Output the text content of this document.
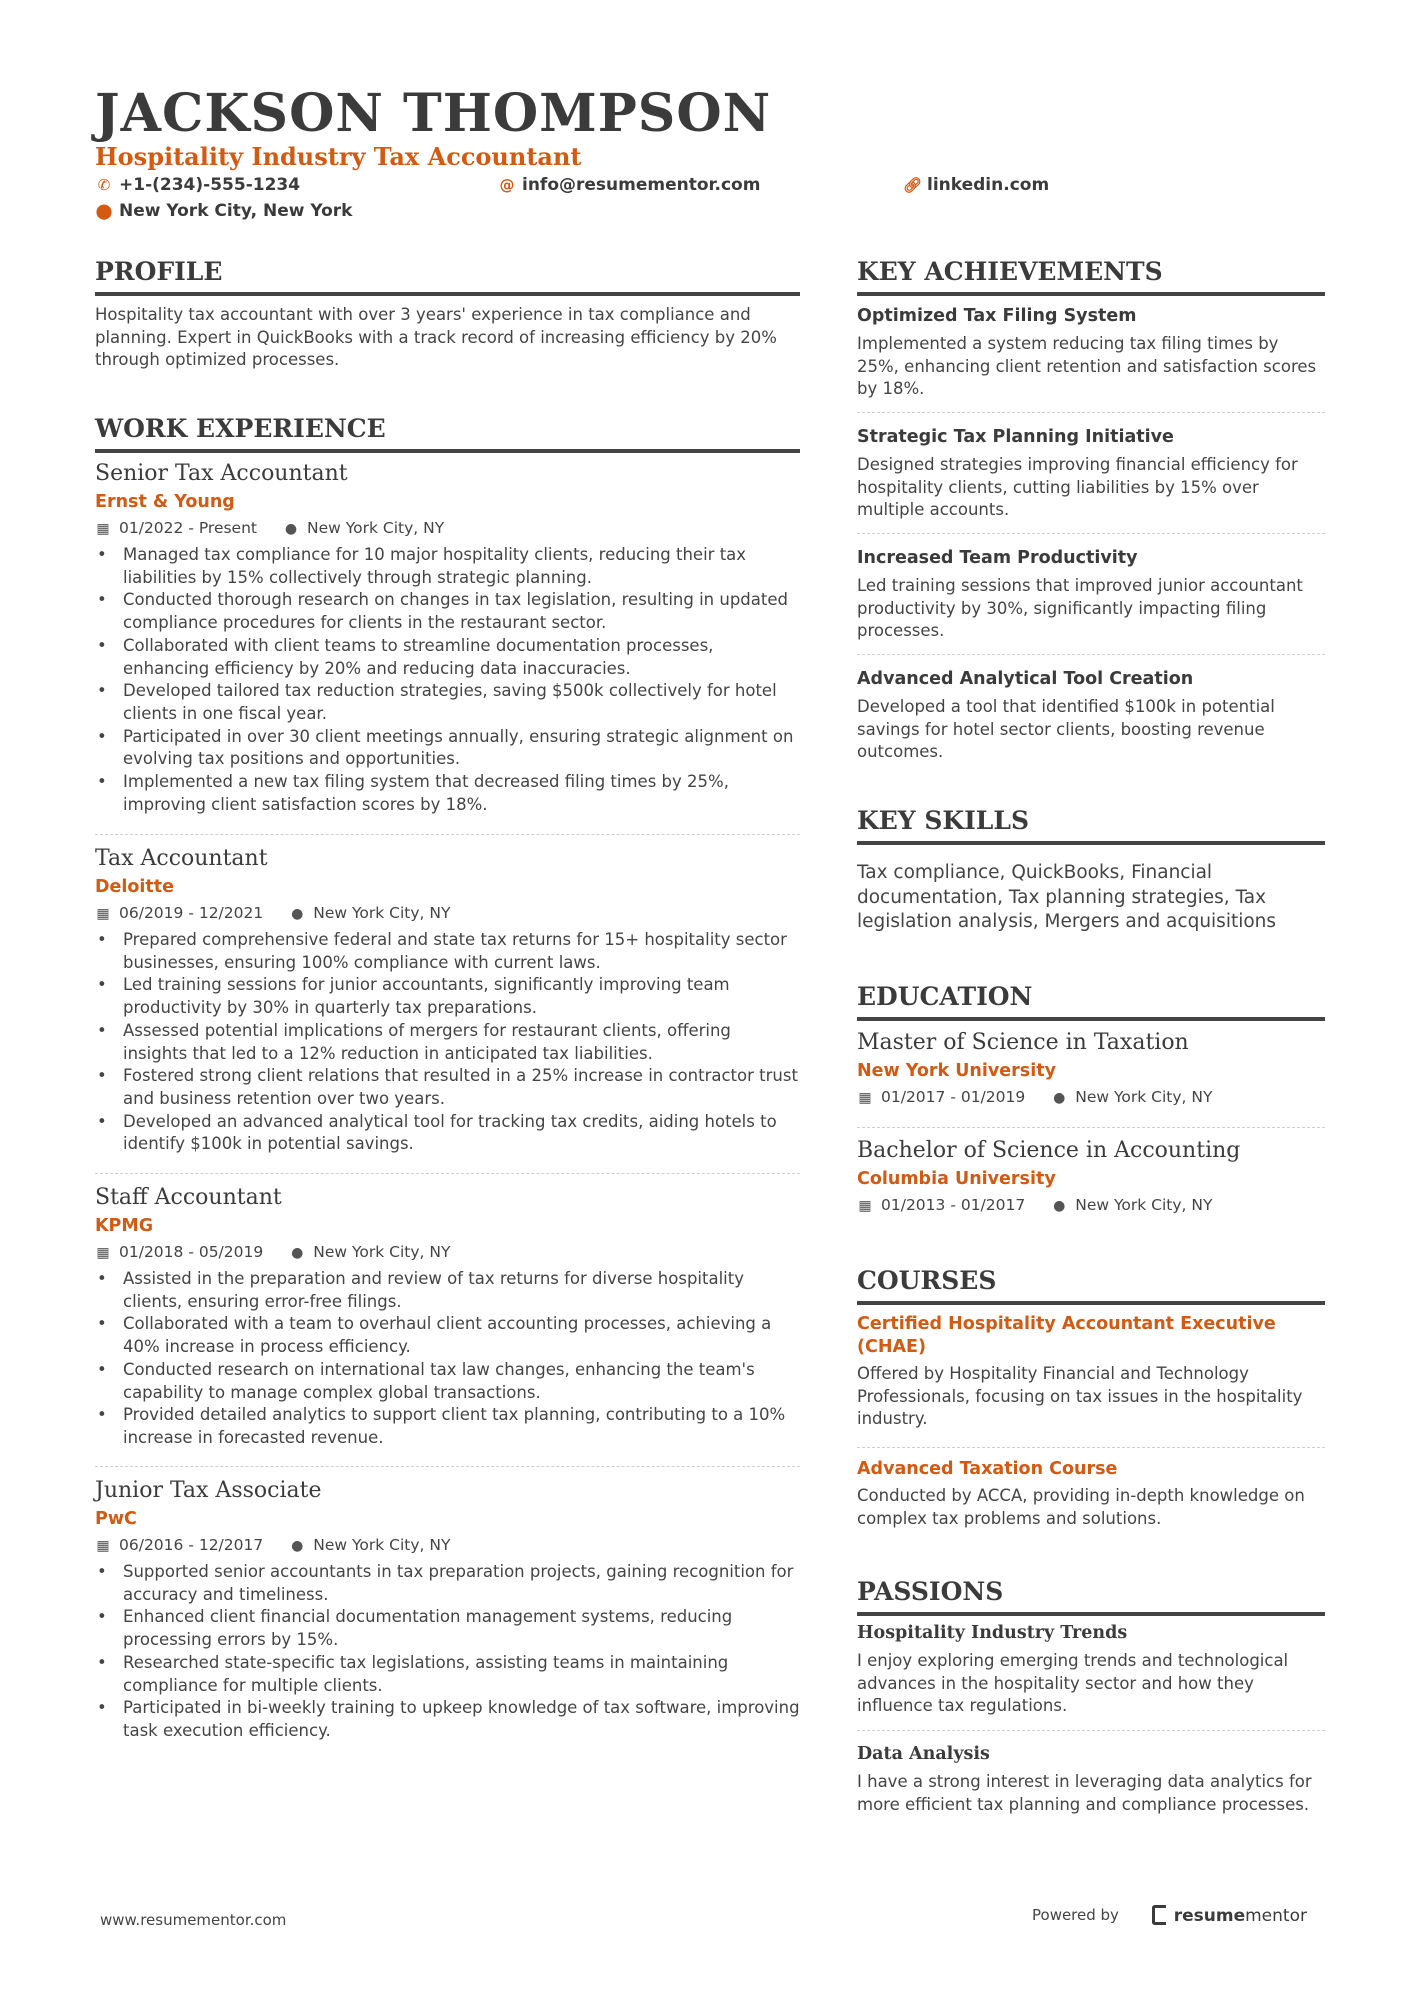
JACKSON THOMPSON
Hospitality Industry Tax Accountant
✆ +1-(234)-555-1234	@ info@resumementor.com	🔗︎ linkedin.com
⬤ New York City, New York
PROFILE

Hospitality tax accountant with over 3 years' experience in tax compliance and planning. Expert in QuickBooks with a track record of increasing efficiency by 20% through optimized processes.

WORK EXPERIENCE

Senior Tax Accountant

Ernst & Young

▦ 01/2022 - Present ● New York City, NY

• Managed tax compliance for 10 major hospitality clients, reducing their tax liabilities by 15% collectively through strategic planning.
• Conducted thorough research on changes in tax legislation, resulting in updated compliance procedures for clients in the restaurant sector.
• Collaborated with client teams to streamline documentation processes, enhancing efficiency by 20% and reducing data inaccuracies.
• Developed tailored tax reduction strategies, saving $500k collectively for hotel clients in one fiscal year.
• Participated in over 30 client meetings annually, ensuring strategic alignment on evolving tax positions and opportunities.
• Implemented a new tax filing system that decreased filing times by 25%, improving client satisfaction scores by 18%.

Tax Accountant

Deloitte

▦ 06/2019 - 12/2021 ● New York City, NY

• Prepared comprehensive federal and state tax returns for 15+ hospitality sector businesses, ensuring 100% compliance with current laws.
• Led training sessions for junior accountants, significantly improving team productivity by 30% in quarterly tax preparations.
• Assessed potential implications of mergers for restaurant clients, offering insights that led to a 12% reduction in anticipated tax liabilities.
• Fostered strong client relations that resulted in a 25% increase in contractor trust and business retention over two years.
• Developed an advanced analytical tool for tracking tax credits, aiding hotels to identify $100k in potential savings.

Staff Accountant

KPMG

▦ 01/2018 - 05/2019 ● New York City, NY

• Assisted in the preparation and review of tax returns for diverse hospitality clients, ensuring error-free filings.
• Collaborated with a team to overhaul client accounting processes, achieving a 40% increase in process efficiency.
• Conducted research on international tax law changes, enhancing the team's capability to manage complex global transactions.
• Provided detailed analytics to support client tax planning, contributing to a 10% increase in forecasted revenue.

Junior Tax Associate

PwC

▦ 06/2016 - 12/2017 ● New York City, NY

• Supported senior accountants in tax preparation projects, gaining recognition for accuracy and timeliness.
• Enhanced client financial documentation management systems, reducing processing errors by 15%.
• Researched state-specific tax legislations, assisting teams in maintaining compliance for multiple clients.
• Participated in bi-weekly training to upkeep knowledge of tax software, improving task execution efficiency.
KEY ACHIEVEMENTS

Optimized Tax Filing System

Implemented a system reducing tax filing times by 25%, enhancing client retention and satisfaction scores by 18%.

Strategic Tax Planning Initiative

Designed strategies improving financial efficiency for hospitality clients, cutting liabilities by 15% over multiple accounts.

Increased Team Productivity

Led training sessions that improved junior accountant productivity by 30%, significantly impacting filing processes.

Advanced Analytical Tool Creation

Developed a tool that identified $100k in potential savings for hotel sector clients, boosting revenue outcomes.

KEY SKILLS

Tax compliance, QuickBooks, Financial documentation, Tax planning strategies, Tax legislation analysis, Mergers and acquisitions

EDUCATION

Master of Science in Taxation

New York University

▦ 01/2017 - 01/2019 ● New York City, NY

Bachelor of Science in Accounting

Columbia University

▦ 01/2013 - 01/2017 ● New York City, NY

COURSES

Certified Hospitality Accountant Executive (CHAE)

Offered by Hospitality Financial and Technology Professionals, focusing on tax issues in the hospitality industry.

Advanced Taxation Course

Conducted by ACCA, providing in-depth knowledge on complex tax problems and solutions.

PASSIONS

Hospitality Industry Trends

I enjoy exploring emerging trends and technological advances in the hospitality sector and how they influence tax regulations.

Data Analysis

I have a strong interest in leveraging data analytics for more efficient tax planning and compliance processes.

www.resumementor.com	Powered by	resumementor
